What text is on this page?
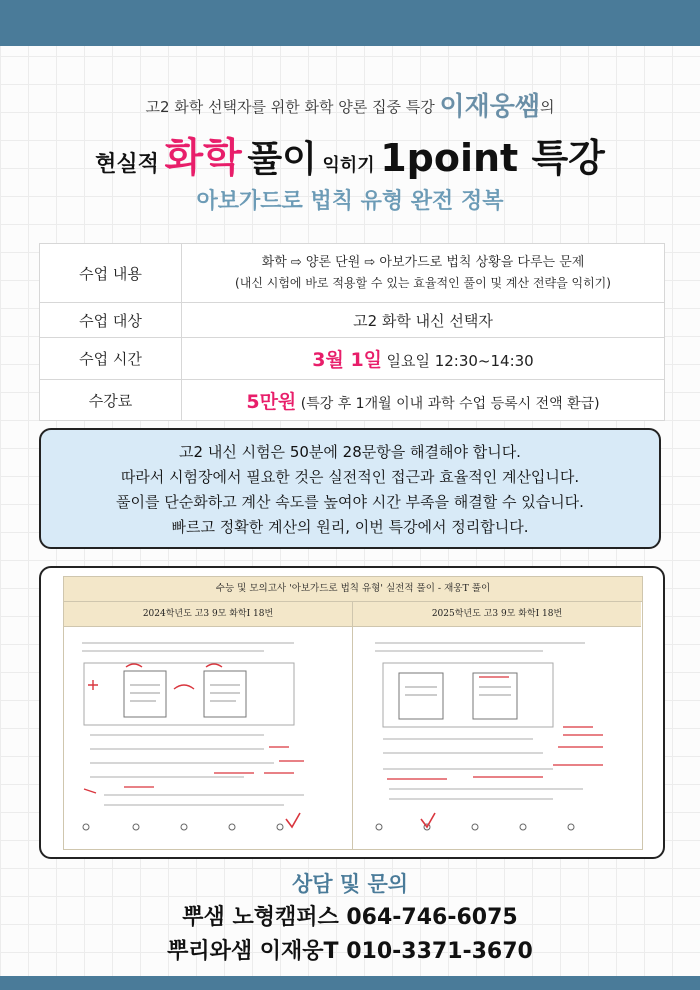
고2 화학 선택자를 위한 화학 양론 집중 특강 이재웅쌤의
현실적 화학 풀이 익히기 1point 특강
아보가드로 법칙 유형 완전 정복
수업 내용	화학 ⇨ 양론 단원 ⇨ 아보가드로 법칙 상황을 다루는 문제
(내신 시험에 바로 적용할 수 있는 효율적인 풀이 및 계산 전략을 익히기)

수업 대상	고2 화학 내신 선택자
수업 시간	3월 1일 일요일 12:30~14:30
수강료	5만원 (특강 후 1개월 이내 과학 수업 등록시 전액 환급)

고2 내신 시험은 50분에 28문항을 해결해야 합니다.

따라서 시험장에서 필요한 것은 실전적인 접근과 효율적인 계산입니다.

풀이를 단순화하고 계산 속도를 높여야 시간 부족을 해결할 수 있습니다.

빠르고 정확한 계산의 원리, 이번 특강에서 정리합니다.

수능 및 모의고사 '아보가드로 법칙 유형' 실전적 풀이 - 재웅T 풀이
2024학년도 고3 9모 화학Ⅰ 18번	2025학년도 고3 9모 화학Ⅰ 18번
상담 및 문의
뿌샘 노형캠퍼스 064-746-6075
뿌리와샘 이재웅T 010-3371-3670
